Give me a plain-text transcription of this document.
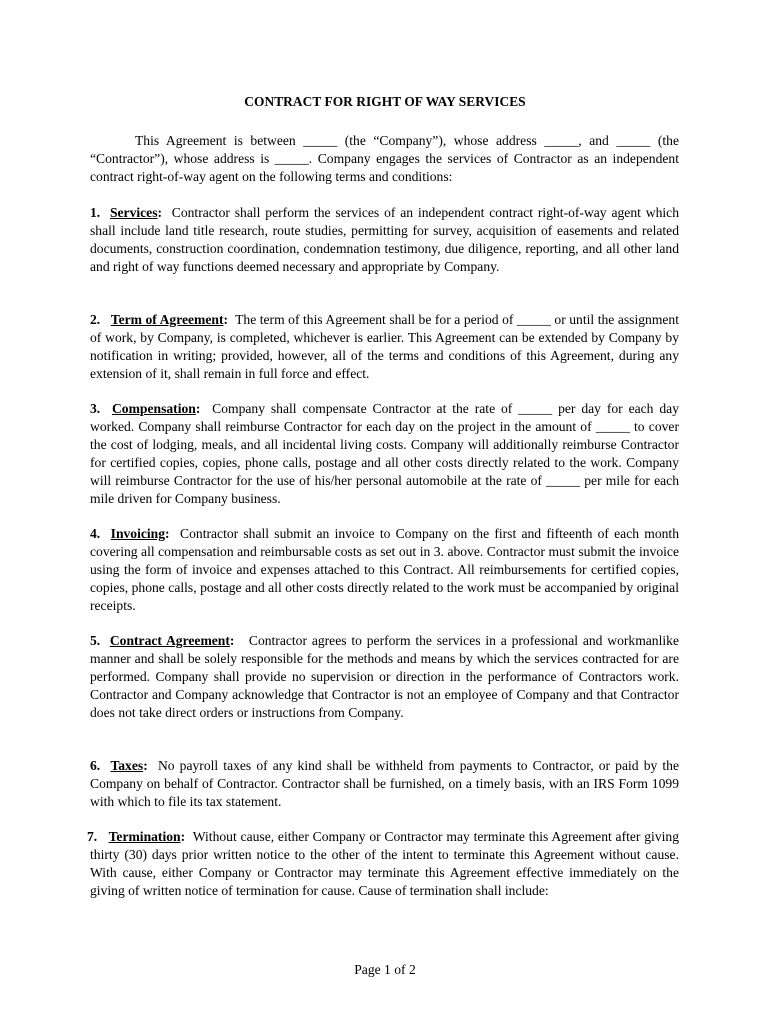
CONTRACT FOR RIGHT OF WAY SERVICES
This Agreement is between _____ (the “Company”), whose address _____, and _____ (the “Contractor”), whose address is _____. Company engages the services of Contractor as an independent contract right-of-way agent on the following terms and conditions:
1. Services: Contractor shall perform the services of an independent contract right-of-way agent which shall include land title research, route studies, permitting for survey, acquisition of easements and related documents, construction coordination, condemnation testimony, due diligence, reporting, and all other land and right of way functions deemed necessary and appropriate by Company.
2. Term of Agreement: The term of this Agreement shall be for a period of _____ or until the assignment of work, by Company, is completed, whichever is earlier. This Agreement can be extended by Company by notification in writing; provided, however, all of the terms and conditions of this Agreement, during any extension of it, shall remain in full force and effect.
3. Compensation: Company shall compensate Contractor at the rate of _____ per day for each day worked. Company shall reimburse Contractor for each day on the project in the amount of _____ to cover the cost of lodging, meals, and all incidental living costs. Company will additionally reimburse Contractor for certified copies, copies, phone calls, postage and all other costs directly related to the work. Company will reimburse Contractor for the use of his/her personal automobile at the rate of _____ per mile for each mile driven for Company business.
4. Invoicing: Contractor shall submit an invoice to Company on the first and fifteenth of each month covering all compensation and reimbursable costs as set out in 3. above. Contractor must submit the invoice using the form of invoice and expenses attached to this Contract. All reimbursements for certified copies, copies, phone calls, postage and all other costs directly related to the work must be accompanied by original receipts.
5. Contract Agreement: Contractor agrees to perform the services in a professional and workmanlike manner and shall be solely responsible for the methods and means by which the services contracted for are performed. Company shall provide no supervision or direction in the performance of Contractors work. Contractor and Company acknowledge that Contractor is not an employee of Company and that Contractor does not take direct orders or instructions from Company.
6. Taxes: No payroll taxes of any kind shall be withheld from payments to Contractor, or paid by the Company on behalf of Contractor. Contractor shall be furnished, on a timely basis, with an IRS Form 1099 with which to file its tax statement.
7. Termination: Without cause, either Company or Contractor may terminate this Agreement after giving thirty (30) days prior written notice to the other of the intent to terminate this Agreement without cause. With cause, either Company or Contractor may terminate this Agreement effective immediately on the giving of written notice of termination for cause. Cause of termination shall include:
Page 1 of 2
